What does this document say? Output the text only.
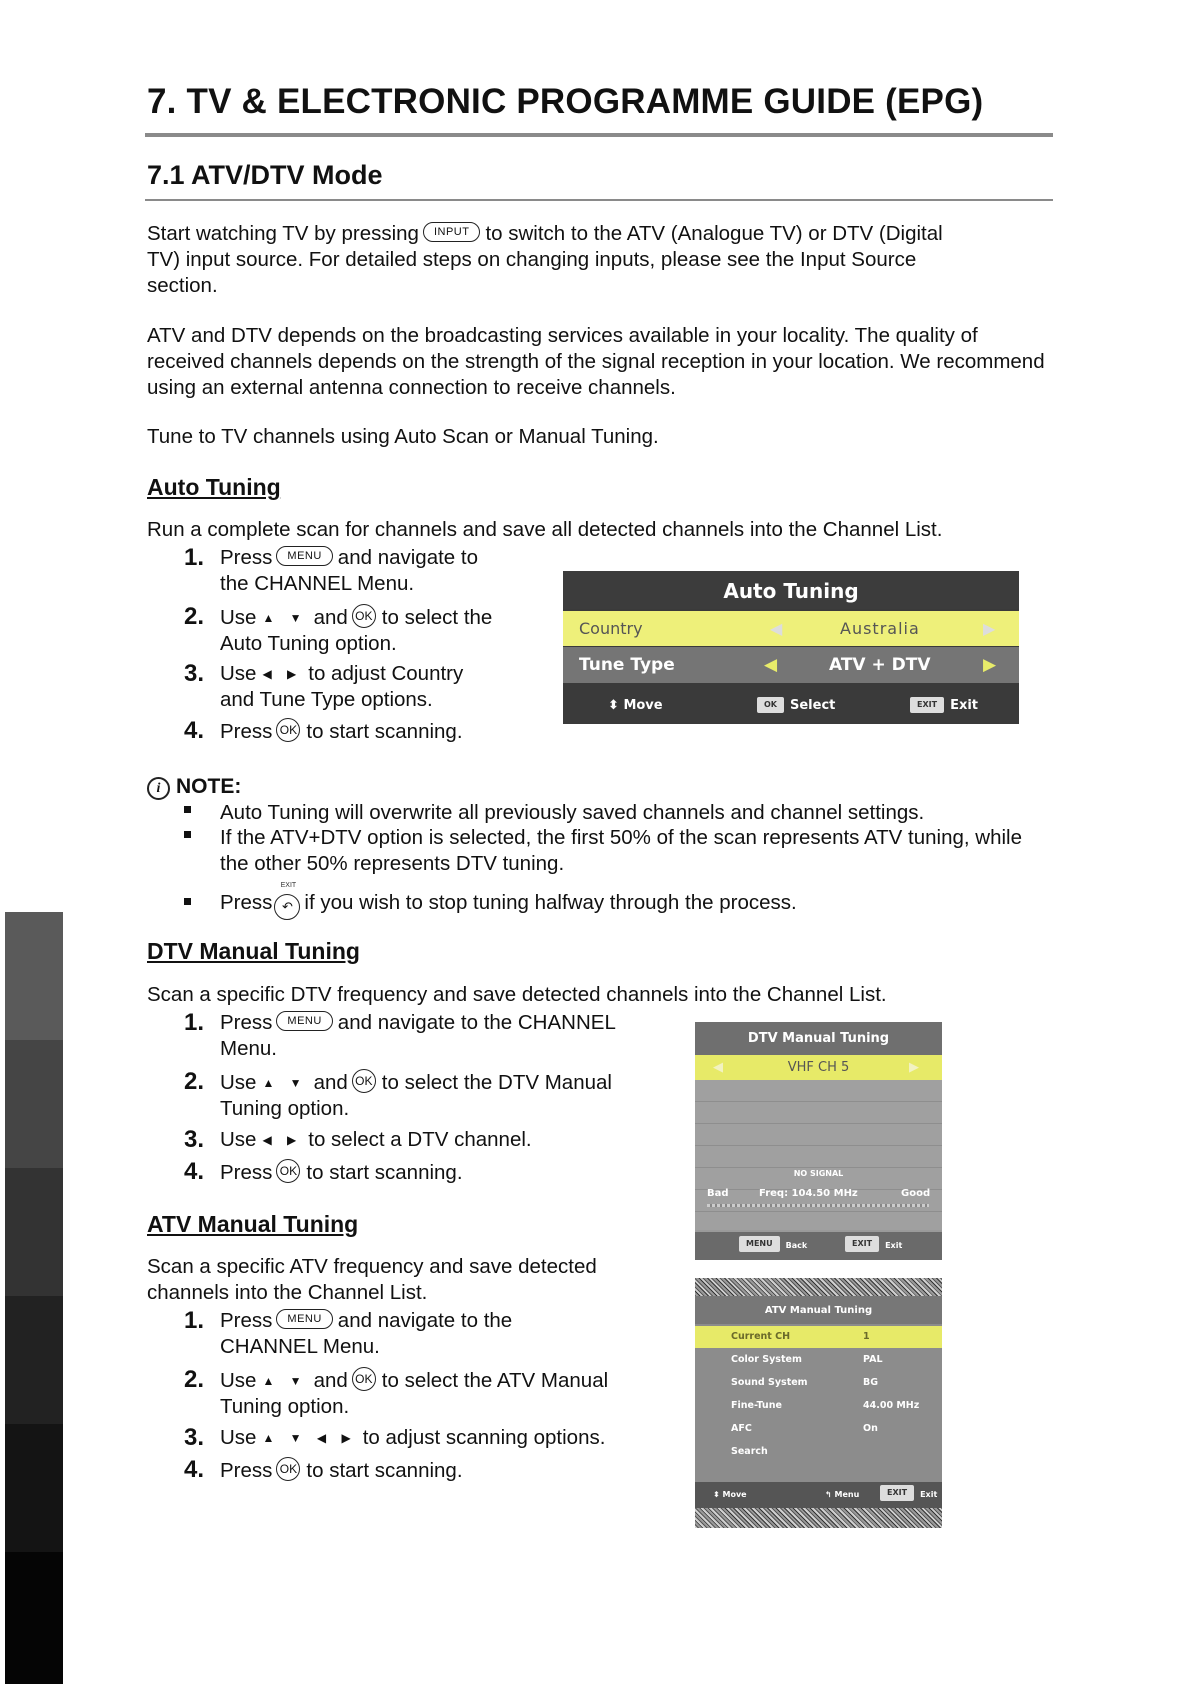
7. TV & ELECTRONIC PROGRAMME GUIDE (EPG)
7.1 ATV/DTV Mode
Start watching TV by pressing INPUT to switch to the ATV (Analogue TV) or DTV (Digital
TV) input source. For detailed steps on changing inputs, please see the Input Source
section.
ATV and DTV depends on the broadcasting services available in your locality. The quality of received channels depends on the strength of the signal reception in your location. We recommend using an external antenna connection to receive channels.
Tune to TV channels using Auto Scan or Manual Tuning.
Auto Tuning
Run a complete scan for channels and save all detected channels into the Channel List.
1. Press MENU and navigate to
the CHANNEL Menu.
2. Use ▲ ▼ and OK to select the
Auto Tuning option.
3. Use ◀ ▶ to adjust Country
and Tune Type options.
4. Press OK to start scanning.
Auto Tuning
Country	◀	Australia	▶
Tune Type	◀	ATV + DTV	▶
⬍ Move	OK Select	EXIT Exit
i NOTE:
Auto Tuning will overwrite all previously saved channels and channel settings.
If the ATV+DTV option is selected, the first 50% of the scan represents ATV tuning, while the other 50% represents DTV tuning.
Press
EXIT
↶ if you wish to stop tuning halfway through the process.
DTV Manual Tuning
Scan a specific DTV frequency and save detected channels into the Channel List.
1. Press MENU and navigate to the CHANNEL
Menu.
2. Use ▲ ▼ and OK to select the DTV Manual
Tuning option.
3. Use ◀ ▶ to select a DTV channel.
4. Press OK to start scanning.
DTV Manual Tuning
◀	VHF CH 5	▶
NO SIGNAL
Bad	Freq: 104.50 MHz	Good
MENU Back	EXIT Exit
ATV Manual Tuning
Scan a specific ATV frequency and save detected channels into the Channel List.
1. Press MENU and navigate to the
CHANNEL Menu.
2. Use ▲ ▼ and OK to select the ATV Manual
Tuning option.
3. Use ▲ ▼ ◀ ▶ to adjust scanning options.
4. Press OK to start scanning.
ATV Manual Tuning
Current CH	1
Color System	PAL
Sound System	BG
Fine-Tune	44.00 MHz
AFC	On
Search
⬍ Move	↰ Menu	EXIT Exit
